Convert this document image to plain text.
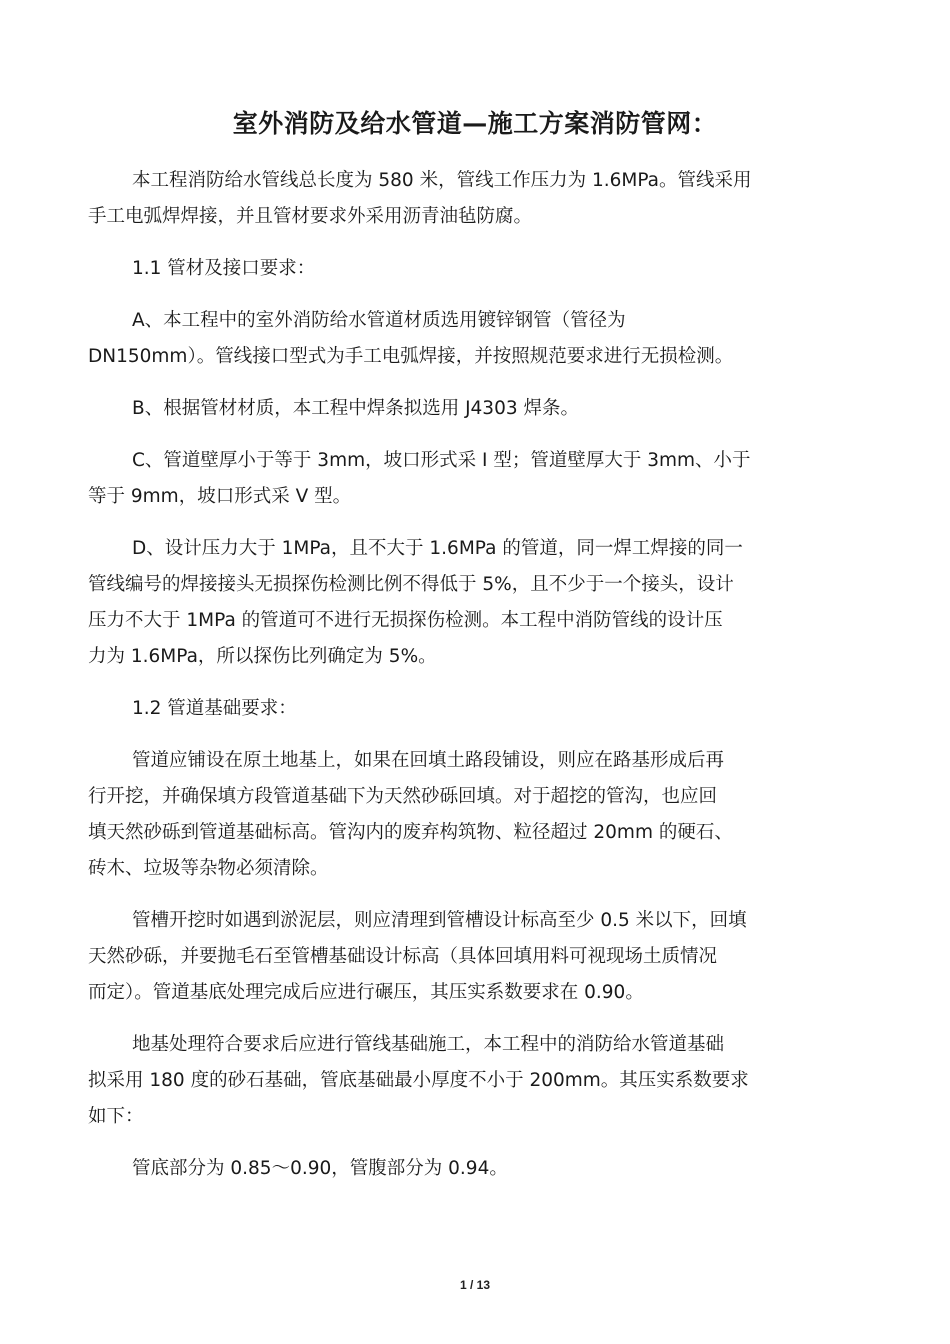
室外消防及给水管道—施工方案消防管网：

本工程消防给水管线总长度为 580 米，管线工作压力为 1.6MPa。管线采用
手工电弧焊焊接，并且管材要求外采用沥青油毡防腐。

1.1 管材及接口要求：

A、本工程中的室外消防给水管道材质选用镀锌钢管（管径为
DN150mm）。管线接口型式为手工电弧焊接，并按照规范要求进行无损检测。

B、根据管材材质，本工程中焊条拟选用 J4303 焊条。

C、管道壁厚小于等于 3mm，坡口形式采 I 型；管道壁厚大于 3mm、小于
等于 9mm，坡口形式采 V 型。

D、设计压力大于 1MPa，且不大于 1.6MPa 的管道，同一焊工焊接的同一
管线编号的焊接接头无损探伤检测比例不得低于 5%，且不少于一个接头，设计
压力不大于 1MPa 的管道可不进行无损探伤检测。本工程中消防管线的设计压
力为 1.6MPa，所以探伤比列确定为 5%。

1.2 管道基础要求：

管道应铺设在原土地基上，如果在回填土路段铺设，则应在路基形成后再
行开挖，并确保填方段管道基础下为天然砂砾回填。对于超挖的管沟，也应回
填天然砂砾到管道基础标高。管沟内的废弃构筑物、粒径超过 20mm 的硬石、
砖木、垃圾等杂物必须清除。

管槽开挖时如遇到淤泥层，则应清理到管槽设计标高至少 0.5 米以下，回填
天然砂砾，并要抛毛石至管槽基础设计标高（具体回填用料可视现场土质情况
而定）。管道基底处理完成后应进行碾压，其压实系数要求在 0.90。

地基处理符合要求后应进行管线基础施工，本工程中的消防给水管道基础
拟采用 180 度的砂石基础，管底基础最小厚度不小于 200mm。其压实系数要求
如下：

管底部分为 0.85～0.90，管腹部分为 0.94。

1 / 13
